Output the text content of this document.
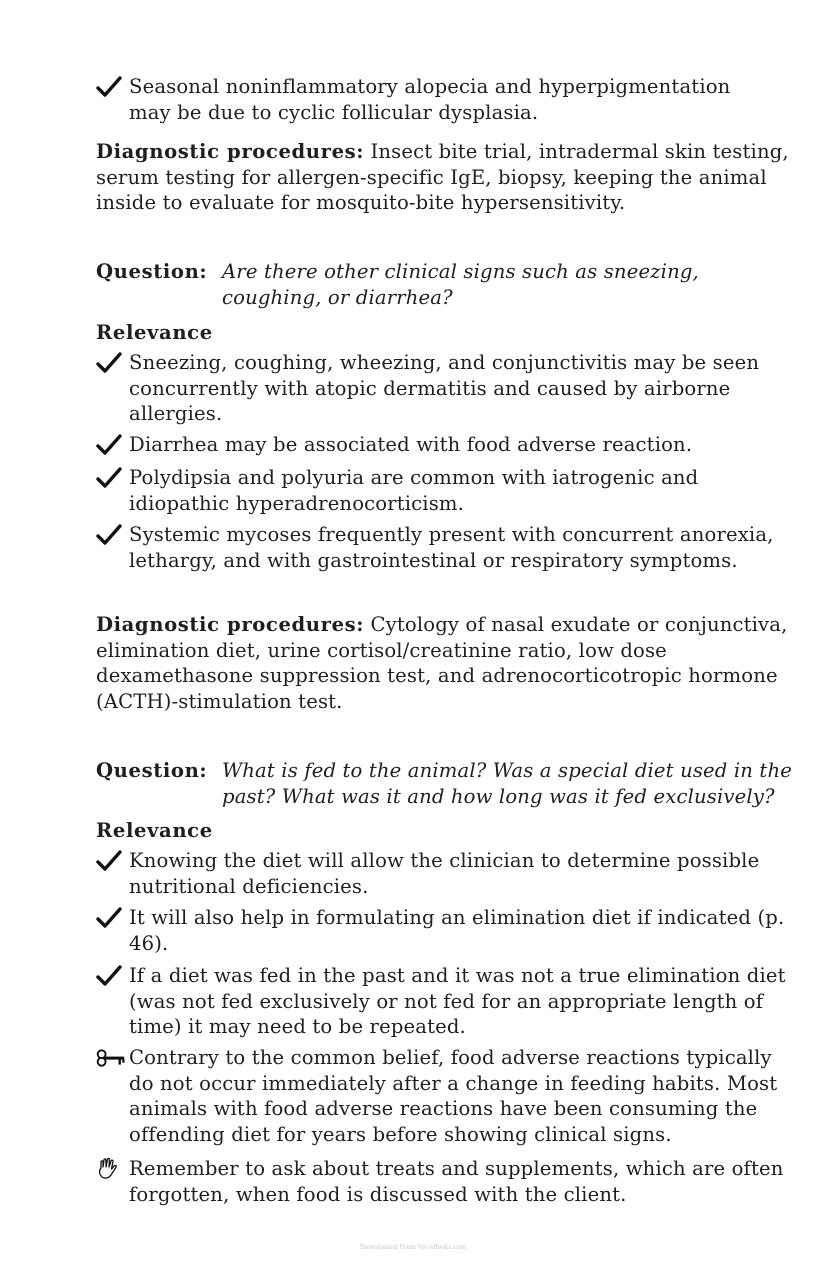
Seasonal noninflammatory alopecia and hyperpigmentation may be due to cyclic follicular dysplasia.
Diagnostic procedures: Insect bite trial, intradermal skin testing, serum testing for allergen-specific IgE, biopsy, keeping the animal inside to evaluate for mosquito-bite hypersensitivity.
Question: Are there other clinical signs such as sneezing, coughing, or diarrhea?
Relevance
Sneezing, coughing, wheezing, and conjunctivitis may be seen concurrently with atopic dermatitis and caused by airborne allergies.
Diarrhea may be associated with food adverse reaction.
Polydipsia and polyuria are common with iatrogenic and idiopathic hyperadrenocorticism.
Systemic mycoses frequently present with concurrent anorexia, lethargy, and with gastrointestinal or respiratory symptoms.
Diagnostic procedures: Cytology of nasal exudate or conjunctiva, elimination diet, urine cortisol/creatinine ratio, low dose dexamethasone suppression test, and adrenocorticotropic hormone (ACTH)-stimulation test.
Question: What is fed to the animal? Was a special diet used in the past? What was it and how long was it fed exclusively?
Relevance
Knowing the diet will allow the clinician to determine possible nutritional deficiencies.
It will also help in formulating an elimination diet if indicated (p. 46).
If a diet was fed in the past and it was not a true elimination diet (was not fed exclusively or not fed for an appropriate length of time) it may need to be repeated.
Contrary to the common belief, food adverse reactions typically do not occur immediately after a change in feeding habits. Most animals with food adverse reactions have been consuming the offending diet for years before showing clinical signs.
Remember to ask about treats and supplements, which are often forgotten, when food is discussed with the client.
Downloaded From Vet-eBooks.com
